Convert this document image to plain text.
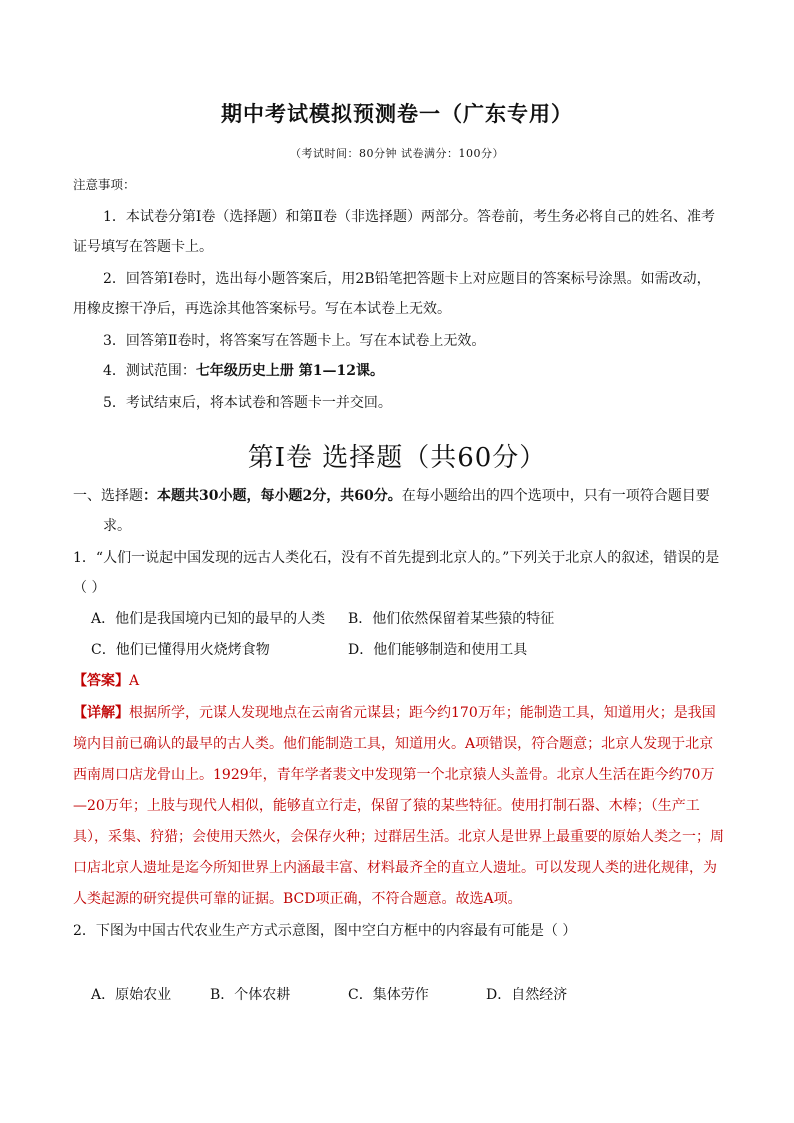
期中考试模拟预测卷一（广东专用）
（考试时间：80分钟 试卷满分：100分）
注意事项：
1．本试卷分第Ⅰ卷（选择题）和第Ⅱ卷（非选择题）两部分。答卷前，考生务必将自己的姓名、准考
证号填写在答题卡上。
2．回答第Ⅰ卷时，选出每小题答案后，用2B铅笔把答题卡上对应题目的答案标号涂黑。如需改动，
用橡皮擦干净后，再选涂其他答案标号。写在本试卷上无效。
3．回答第Ⅱ卷时，将答案写在答题卡上。写在本试卷上无效。
4．测试范围：七年级历史上册 第1—12课。
5．考试结束后，将本试卷和答题卡一并交回。
第Ⅰ卷 选择题（共60分）
一、选择题：本题共30小题，每小题2分，共60分。在每小题给出的四个选项中，只有一项符合题目要
求。
1．“人们一说起中国发现的远古人类化石，没有不首先提到北京人的。”下列关于北京人的叙述，错误的是
（ ）
A．他们是我国境内已知的最早的人类 B．他们依然保留着某些猿的特征
C．他们已懂得用火烧烤食物	D．他们能够制造和使用工具
【答案】A
【详解】根据所学，元谋人发现地点在云南省元谋县；距今约170万年；能制造工具，知道用火；是我国
境内目前已确认的最早的古人类。他们能制造工具，知道用火。A项错误，符合题意；北京人发现于北京
西南周口店龙骨山上。1929年，青年学者裴文中发现第一个北京猿人头盖骨。北京人生活在距今约70万
—20万年；上肢与现代人相似，能够直立行走，保留了猿的某些特征。使用打制石器、木棒；（生产工
具），采集、狩猎；会使用天然火，会保存火种；过群居生活。北京人是世界上最重要的原始人类之一；周
口店北京人遗址是迄今所知世界上内涵最丰富、材料最齐全的直立人遗址。可以发现人类的进化规律，为
人类起源的研究提供可靠的证据。BCD项正确，不符合题意。故选A项。
2．下图为中国古代农业生产方式示意图，图中空白方框中的内容最有可能是（ ）
A．原始农业	B．个体农耕	C．集体劳作	D．自然经济
